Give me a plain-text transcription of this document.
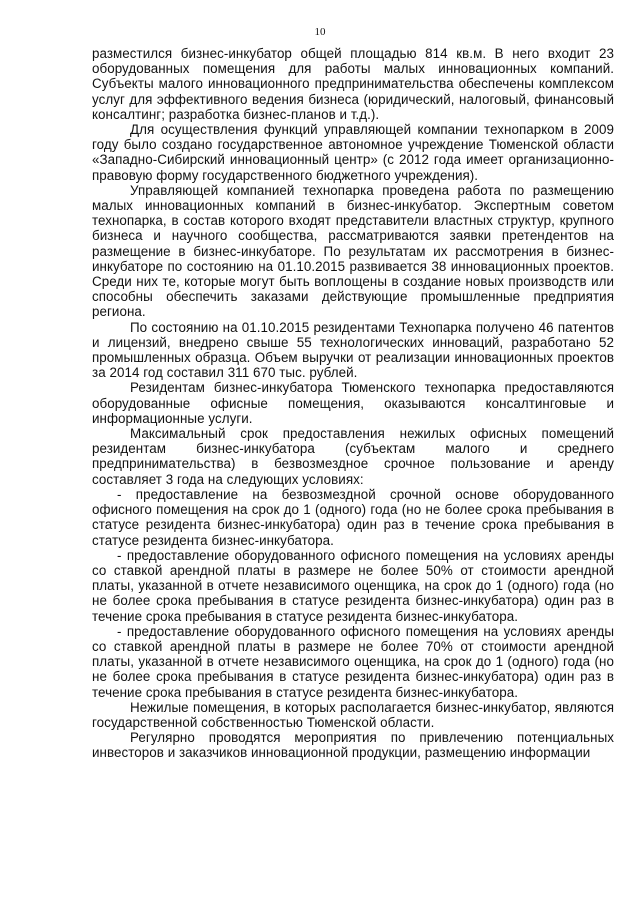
10

разместился бизнес-инкубатор общей площадью 814 кв.м. В него входит 23 оборудованных помещения для работы малых инновационных компаний. Субъекты малого инновационного предпринимательства обеспечены комплексом услуг для эффективного ведения бизнеса (юридический, налоговый, финансовый консалтинг; разработка бизнес-планов и т.д.).

Для осуществления функций управляющей компании технопарком в 2009 году было создано государственное автономное учреждение Тюменской области «Западно-Сибирский инновационный центр» (с 2012 года имеет организационно-правовую форму государственного бюджетного учреждения).

Управляющей компанией технопарка проведена работа по размещению малых инновационных компаний в бизнес-инкубатор. Экспертным советом технопарка, в состав которого входят представители властных структур, крупного бизнеса и научного сообщества, рассматриваются заявки претендентов на размещение в бизнес-инкубаторе. По результатам их рассмотрения в бизнес-инкубаторе по состоянию на 01.10.2015 развивается 38 инновационных проектов. Среди них те, которые могут быть воплощены в создание новых производств или способны обеспечить заказами действующие промышленные предприятия региона.

По состоянию на 01.10.2015 резидентами Технопарка получено 46 патентов и лицензий, внедрено свыше 55 технологических инноваций, разработано 52 промышленных образца. Объем выручки от реализации инновационных проектов за 2014 год составил 311 670 тыс. рублей.

Резидентам бизнес-инкубатора Тюменского технопарка предоставляются оборудованные офисные помещения, оказываются консалтинговые и информационные услуги.

Максимальный срок предоставления нежилых офисных помещений резидентам бизнес-инкубатора (субъектам малого и среднего предпринимательства) в безвозмездное срочное пользование и аренду составляет 3 года на следующих условиях:

- предоставление на безвозмездной срочной основе оборудованного офисного помещения на срок до 1 (одного) года (но не более срока пребывания в статусе резидента бизнес-инкубатора) один раз в течение срока пребывания в статусе резидента бизнес-инкубатора.

- предоставление оборудованного офисного помещения на условиях аренды со ставкой арендной платы в размере не более 50% от стоимости арендной платы, указанной в отчете независимого оценщика, на срок до 1 (одного) года (но не более срока пребывания в статусе резидента бизнес-инкубатора) один раз в течение срока пребывания в статусе резидента бизнес-инкубатора.

- предоставление оборудованного офисного помещения на условиях аренды со ставкой арендной платы в размере не более 70% от стоимости арендной платы, указанной в отчете независимого оценщика, на срок до 1 (одного) года (но не более срока пребывания в статусе резидента бизнес-инкубатора) один раз в течение срока пребывания в статусе резидента бизнес-инкубатора.

Нежилые помещения, в которых располагается бизнес-инкубатор, являются государственной собственностью Тюменской области.

Регулярно проводятся мероприятия по привлечению потенциальных инвесторов и заказчиков инновационной продукции, размещению информации
